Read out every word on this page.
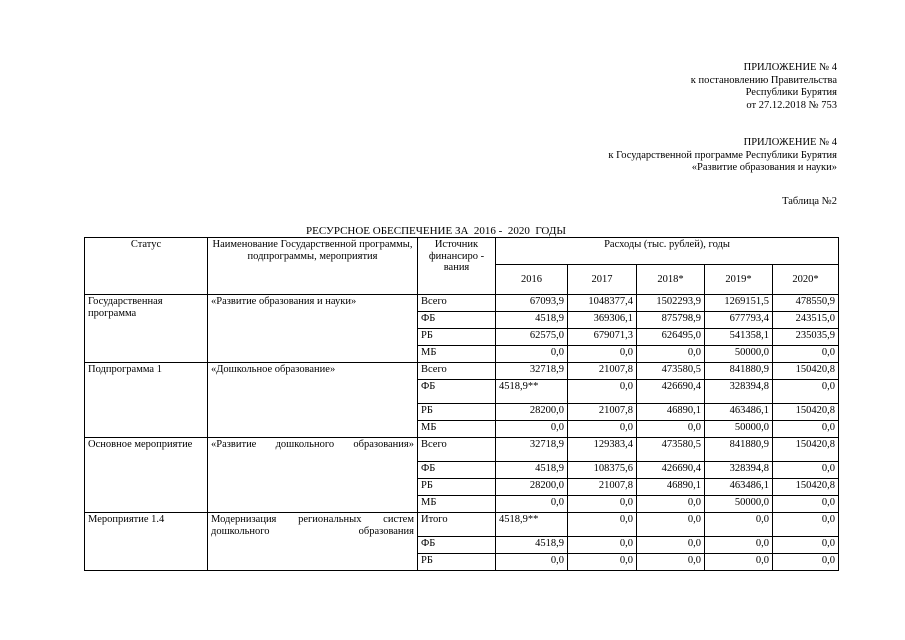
ПРИЛОЖЕНИЕ № 4
к постановлению Правительства
Республики Бурятия
от 27.12.2018 № 753
ПРИЛОЖЕНИЕ № 4
к Государственной программе Республики Бурятия
«Развитие образования и науки»
Таблица №2
РЕСУРСНОЕ ОБЕСПЕЧЕНИЕ ЗА  2016 -  2020  ГОДЫ
Статус	Наименование Государственной программы, подпрограммы, мероприятия	Источник финансиро - вания	Расходы (тыс. рублей), годы				
			2016	2017	2018*	2019*	2020*
Государственная программа	«Развитие образования и науки»	Всего	67093,9	1048377,4	1502293,9	1269151,5	478550,9
		ФБ	4518,9	369306,1	875798,9	677793,4	243515,0
		РБ	62575,0	679071,3	626495,0	541358,1	235035,9
		МБ	0,0	0,0	0,0	50000,0	0,0
Подпрограмма 1	«Дошкольное образование»	Всего	32718,9	21007,8	473580,5	841880,9	150420,8
		ФБ	4518,9**	0,0	426690,4	328394,8	0,0
		РБ	28200,0	21007,8	46890,1	463486,1	150420,8
		МБ	0,0	0,0	0,0	50000,0	0,0
Основное мероприятие	«Развитие дошкольного образования»	Всего	32718,9	129383,4	473580,5	841880,9	150420,8
		ФБ	4518,9	108375,6	426690,4	328394,8	0,0
		РБ	28200,0	21007,8	46890,1	463486,1	150420,8
		МБ	0,0	0,0	0,0	50000,0	0,0
Мероприятие 1.4	Модернизация региональных систем дошкольного образования	Итого	4518,9**	0,0	0,0	0,0	0,0
		ФБ	4518,9	0,0	0,0	0,0	0,0
		РБ	0,0	0,0	0,0	0,0	0,0
